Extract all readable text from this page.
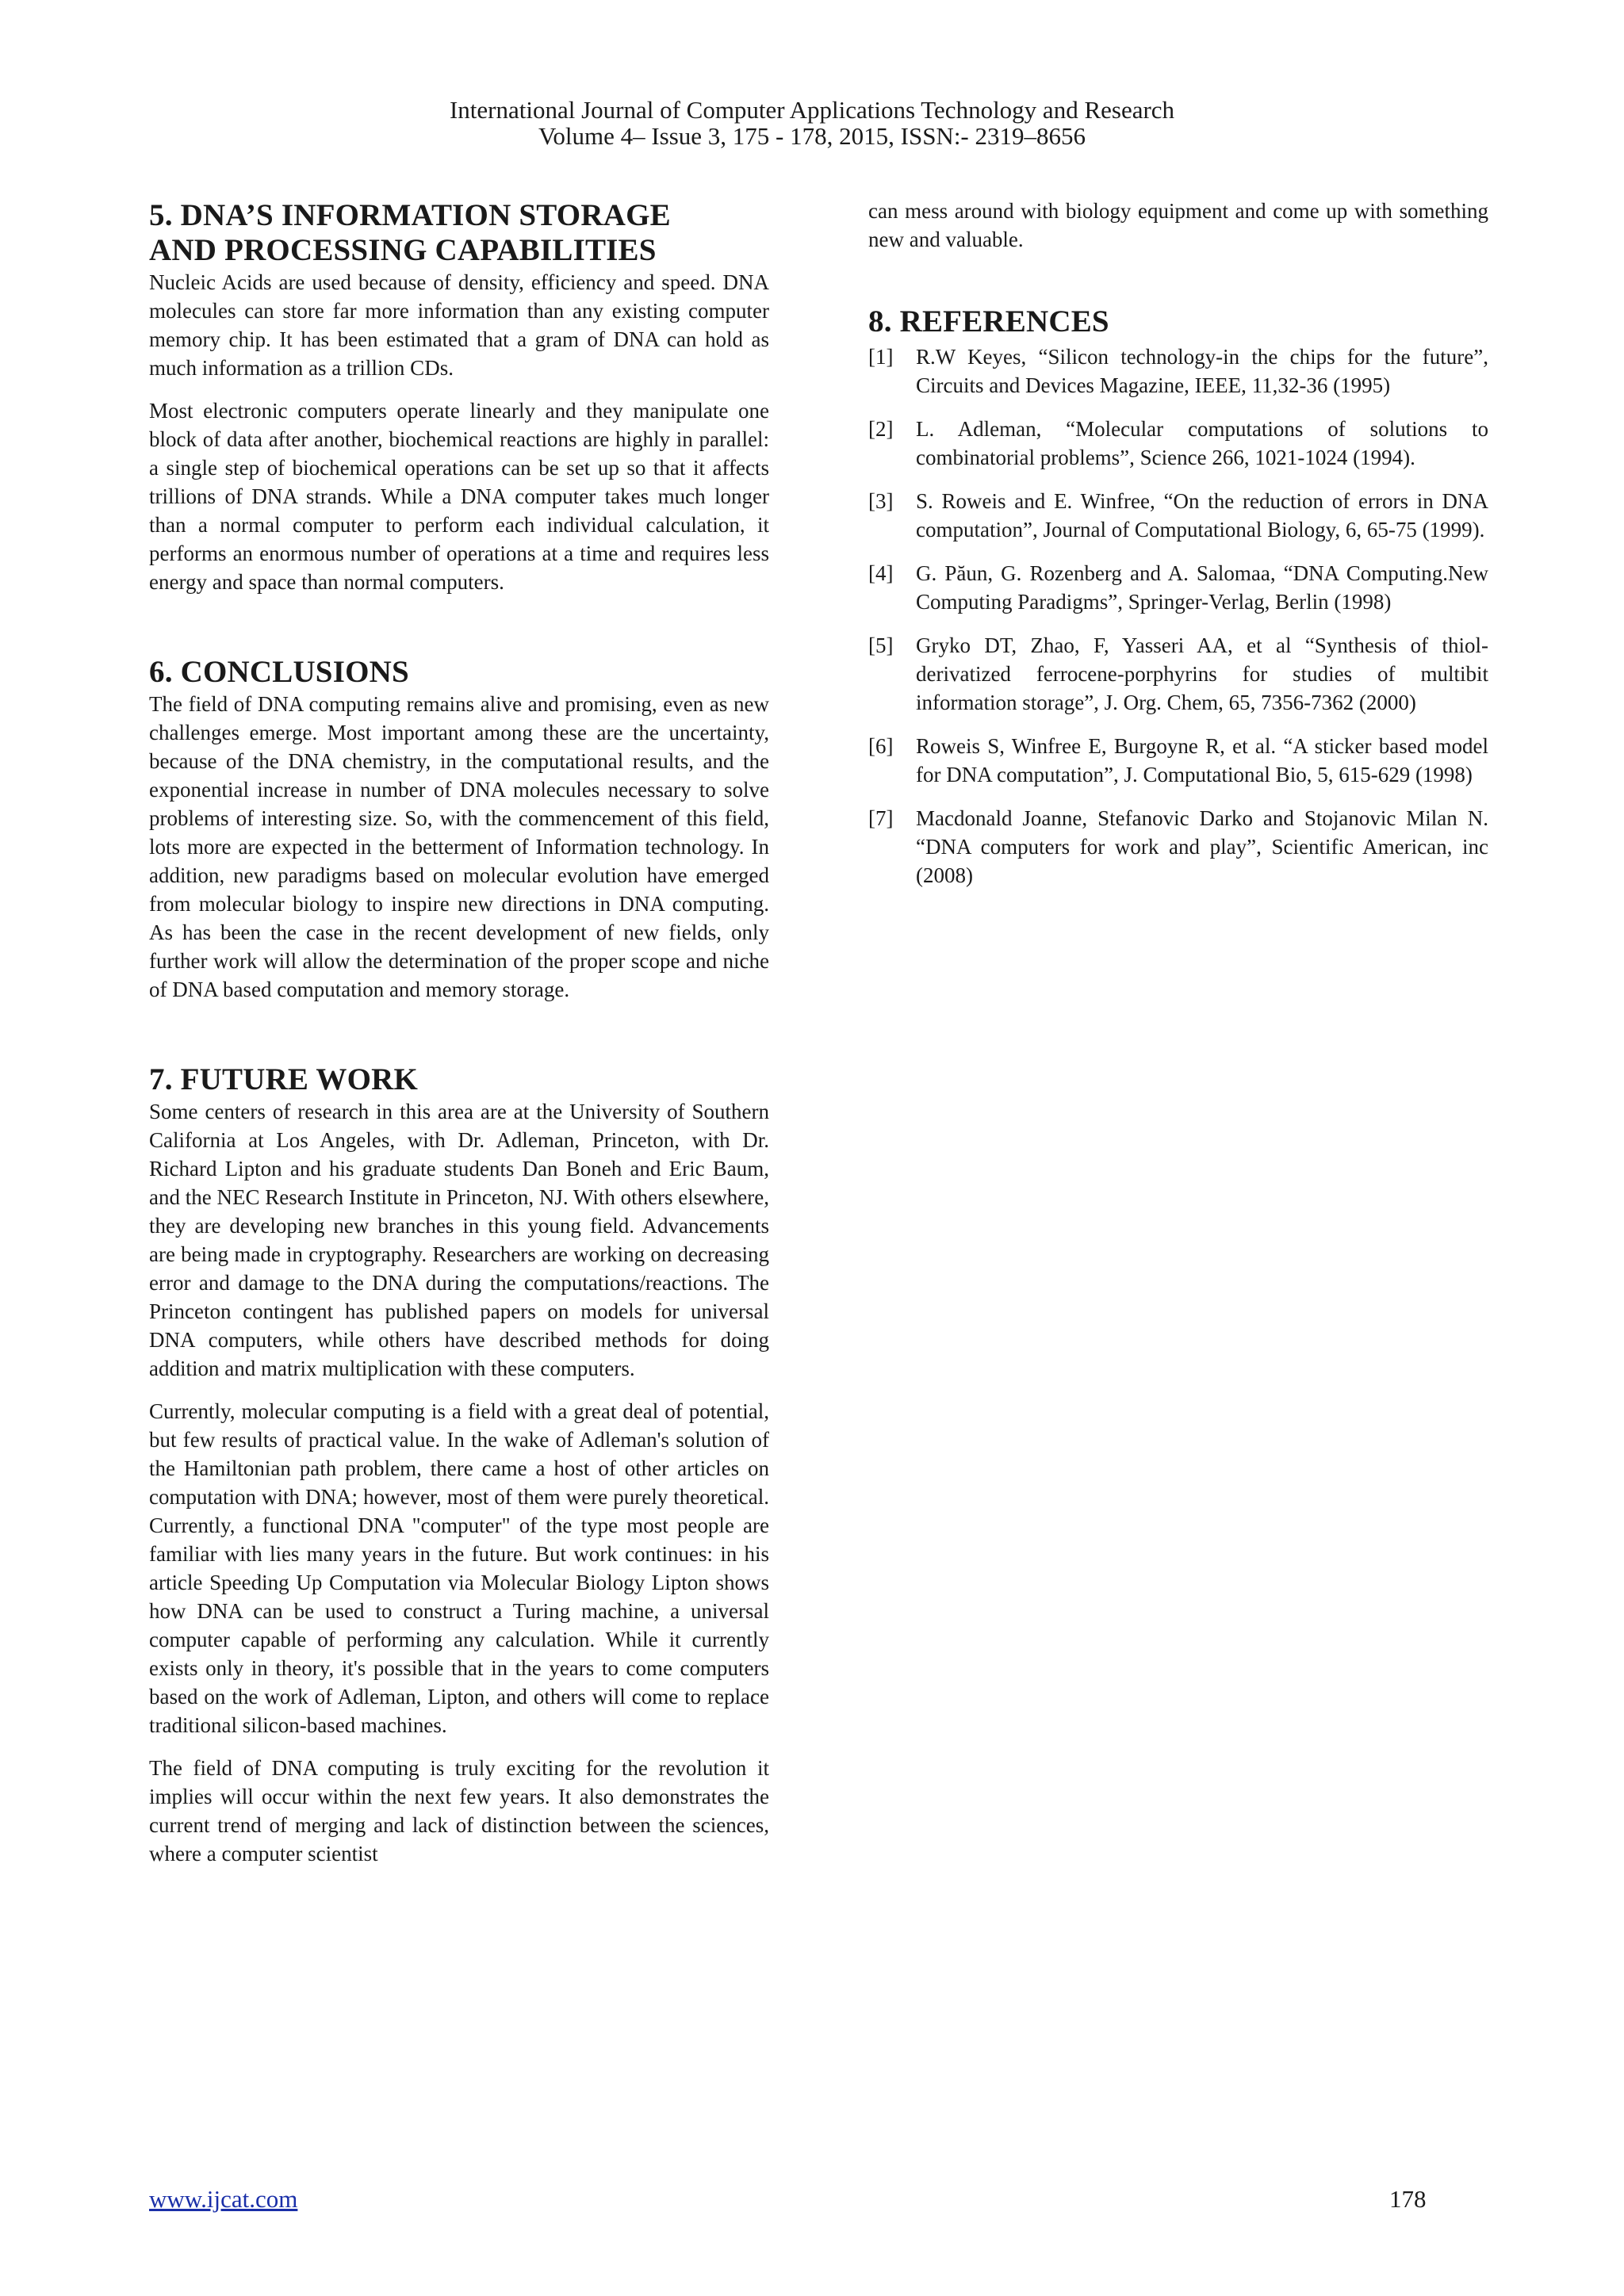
International Journal of Computer Applications Technology and Research
Volume 4– Issue 3, 175 - 178, 2015, ISSN:- 2319–8656
5. DNA’S INFORMATION STORAGE
AND PROCESSING CAPABILITIES

Nucleic Acids are used because of density, efficiency and speed. DNA molecules can store far more information than any existing computer memory chip. It has been estimated that a gram of DNA can hold as much information as a trillion CDs.

Most electronic computers operate linearly and they manipulate one block of data after another, biochemical reactions are highly in parallel: a single step of biochemical operations can be set up so that it affects trillions of DNA strands. While a DNA computer takes much longer than a normal computer to perform each individual calculation, it performs an enormous number of operations at a time and requires less energy and space than normal computers.

6. CONCLUSIONS

The field of DNA computing remains alive and promising, even as new challenges emerge. Most important among these are the uncertainty, because of the DNA chemistry, in the computational results, and the exponential increase in number of DNA molecules necessary to solve problems of interesting size. So, with the commencement of this field, lots more are expected in the betterment of Information technology. In addition, new paradigms based on molecular evolution have emerged from molecular biology to inspire new directions in DNA computing. As has been the case in the recent development of new fields, only further work will allow the determination of the proper scope and niche of DNA based computation and memory storage.

7. FUTURE WORK

Some centers of research in this area are at the University of Southern California at Los Angeles, with Dr. Adleman, Princeton, with Dr. Richard Lipton and his graduate students Dan Boneh and Eric Baum, and the NEC Research Institute in Princeton, NJ. With others elsewhere, they are developing new branches in this young field. Advancements are being made in cryptography. Researchers are working on decreasing error and damage to the DNA during the computations/reactions. The Princeton contingent has published papers on models for universal DNA computers, while others have described methods for doing addition and matrix multiplication with these computers.

Currently, molecular computing is a field with a great deal of potential, but few results of practical value. In the wake of Adleman's solution of the Hamiltonian path problem, there came a host of other articles on computation with DNA; however, most of them were purely theoretical. Currently, a functional DNA "computer" of the type most people are familiar with lies many years in the future. But work continues: in his article Speeding Up Computation via Molecular Biology Lipton shows how DNA can be used to construct a Turing machine, a universal computer capable of performing any calculation. While it currently exists only in theory, it's possible that in the years to come computers based on the work of Adleman, Lipton, and others will come to replace traditional silicon-based machines.

The field of DNA computing is truly exciting for the revolution it implies will occur within the next few years. It also demonstrates the current trend of merging and lack of distinction between the sciences, where a computer scientist

can mess around with biology equipment and come up with something new and valuable.

8. REFERENCES
[1]	R.W Keyes, “Silicon technology-in the chips for the future”, Circuits and Devices Magazine, IEEE, 11,32-36 (1995)
[2]	L. Adleman, “Molecular computations of solutions to combinatorial problems”, Science 266, 1021-1024 (1994).
[3]	S. Roweis and E. Winfree, “On the reduction of errors in DNA computation”, Journal of Computational Biology, 6, 65-75 (1999).
[4]	G. Păun, G. Rozenberg and A. Salomaa, “DNA Computing.New Computing Paradigms”, Springer-Verlag, Berlin (1998)
[5]	Gryko DT, Zhao, F, Yasseri AA, et al “Synthesis of thiol-derivatized ferrocene-porphyrins for studies of multibit information storage”, J. Org. Chem, 65, 7356-7362 (2000)
[6]	Roweis S, Winfree E, Burgoyne R, et al. “A sticker based model for DNA computation”, J. Computational Bio, 5, 615-629 (1998)
[7]	Macdonald Joanne, Stefanovic Darko and Stojanovic Milan N. “DNA computers for work and play”, Scientific American, inc (2008)
www.ijcat.com	178
